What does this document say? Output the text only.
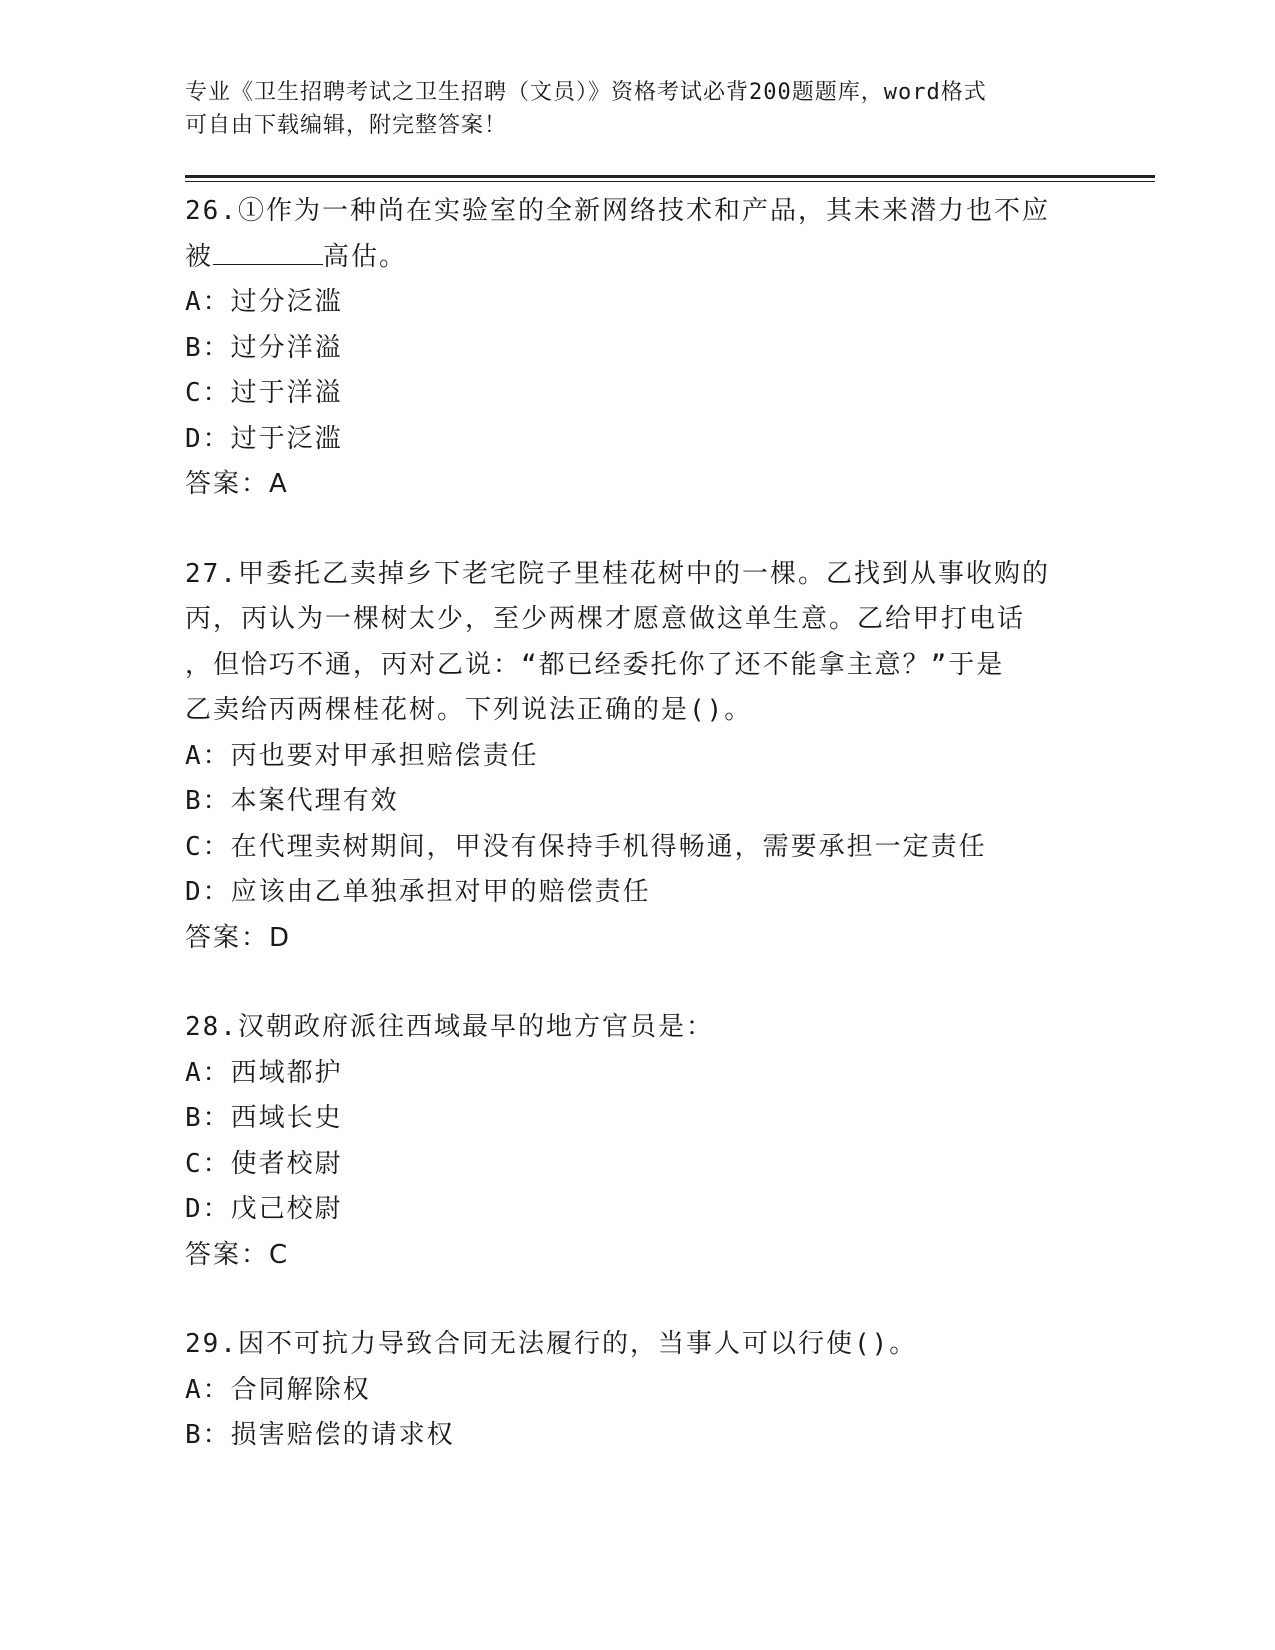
专业《卫生招聘考试之卫生招聘（文员）》资格考试必背200题题库，word格式
可自由下载编辑，附完整答案！
26.①作为一种尚在实验室的全新网络技术和产品，其未来潜力也不应
被	高估。
A：过分泛滥
B：过分洋溢
C：过于洋溢
D：过于泛滥
答案：A
27.甲委托乙卖掉乡下老宅院子里桂花树中的一棵。乙找到从事收购的
丙，丙认为一棵树太少，至少两棵才愿意做这单生意。乙给甲打电话
，但恰巧不通，丙对乙说：“都已经委托你了还不能拿主意？”于是
乙卖给丙两棵桂花树。下列说法正确的是()。
A：丙也要对甲承担赔偿责任
B：本案代理有效
C：在代理卖树期间，甲没有保持手机得畅通，需要承担一定责任
D：应该由乙单独承担对甲的赔偿责任
答案：D
28.汉朝政府派往西域最早的地方官员是：
A：西域都护
B：西域长史
C：使者校尉
D：戊己校尉
答案：C
29.因不可抗力导致合同无法履行的，当事人可以行使()。
A：合同解除权
B：损害赔偿的请求权
